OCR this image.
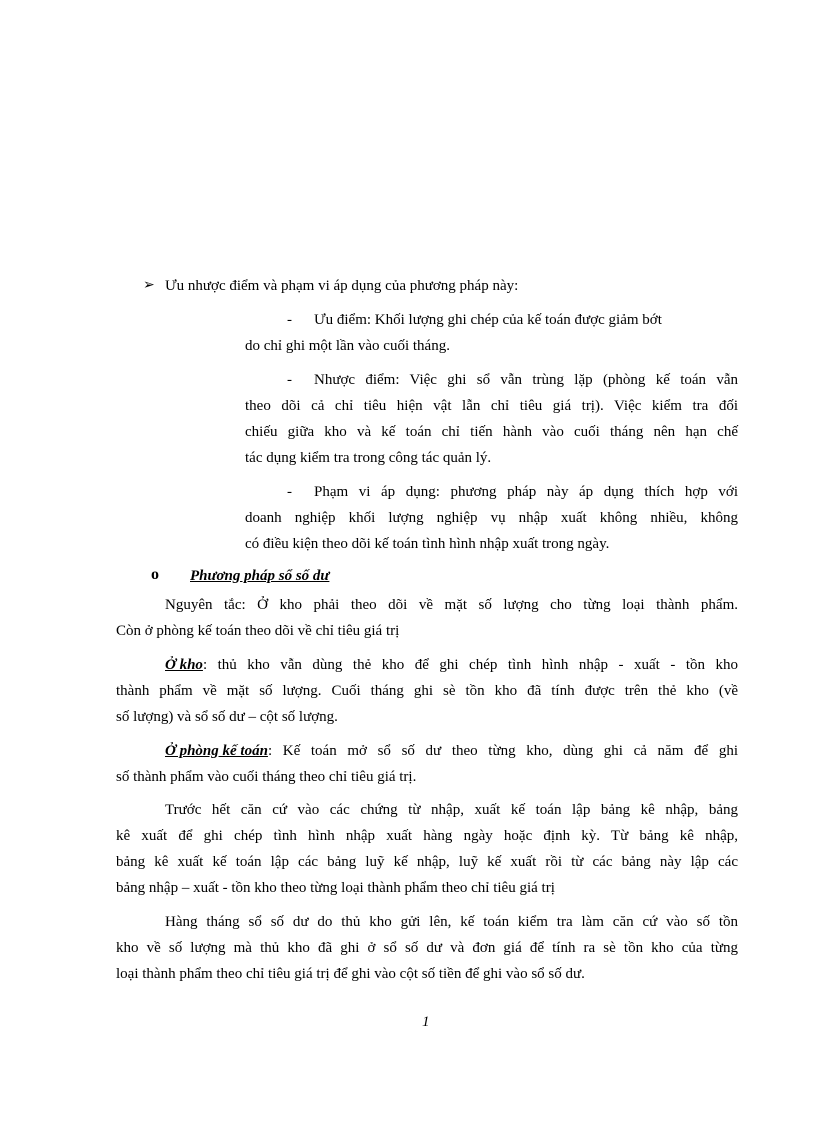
➢ Ưu nhược điểm và phạm vi áp dụng của phương pháp này:
- Ưu điểm: Khối lượng ghi chép của kế toán được giảm bớt
do chỉ ghi một lần vào cuối tháng.
- Nhược điểm: Việc ghi sổ vẫn trùng lặp (phòng kế toán vẫn
theo dõi cả chỉ tiêu hiện vật lẫn chỉ tiêu giá trị). Việc kiểm tra đối
chiếu giữa kho và kế toán chỉ tiến hành vào cuối tháng nên hạn chế
tác dụng kiểm tra trong công tác quản lý.
- Phạm vi áp dụng: phương pháp này áp dụng thích hợp với
doanh nghiệp khối lượng nghiệp vụ nhập xuất không nhiều, không
có điều kiện theo dõi kế toán tình hình nhập xuất trong ngày.
o Phương pháp sổ số dư
Nguyên tắc: Ở kho phải theo dõi về mặt số lượng cho từng loại thành phẩm.
Còn ở phòng kế toán theo dõi về chỉ tiêu giá trị
Ở kho : thủ kho vẫn dùng thẻ kho để ghi chép tình hình nhập - xuất - tồn kho
thành phẩm về mặt số lượng. Cuối tháng ghi sè tồn kho đã tính được trên thẻ kho (về
số lượng) và sổ số dư – cột số lượng.
Ở phòng kế toán : Kế toán mở sổ số dư theo từng kho, dùng ghi cả năm để ghi
số thành phẩm vào cuối tháng theo chỉ tiêu giá trị.
Trước hết căn cứ vào các chứng từ nhập, xuất kế toán lập bảng kê nhập, bảng
kê xuất để ghi chép tình hình nhập xuất hàng ngày hoặc định kỳ. Từ bảng kê nhập,
bảng kê xuất kế toán lập các bảng luỹ kế nhập, luỹ kế xuất rồi từ các bảng này lập các
bảng nhập – xuất - tồn kho theo từng loại thành phẩm theo chỉ tiêu giá trị
Hàng tháng sổ số dư do thủ kho gửi lên, kế toán kiểm tra làm căn cứ vào số tồn
kho về số lượng mà thủ kho đã ghi ở sổ số dư và đơn giá để tính ra sè tồn kho của từng
loại thành phẩm theo chỉ tiêu giá trị để ghi vào cột số tiền để ghi vào sổ số dư.
1
